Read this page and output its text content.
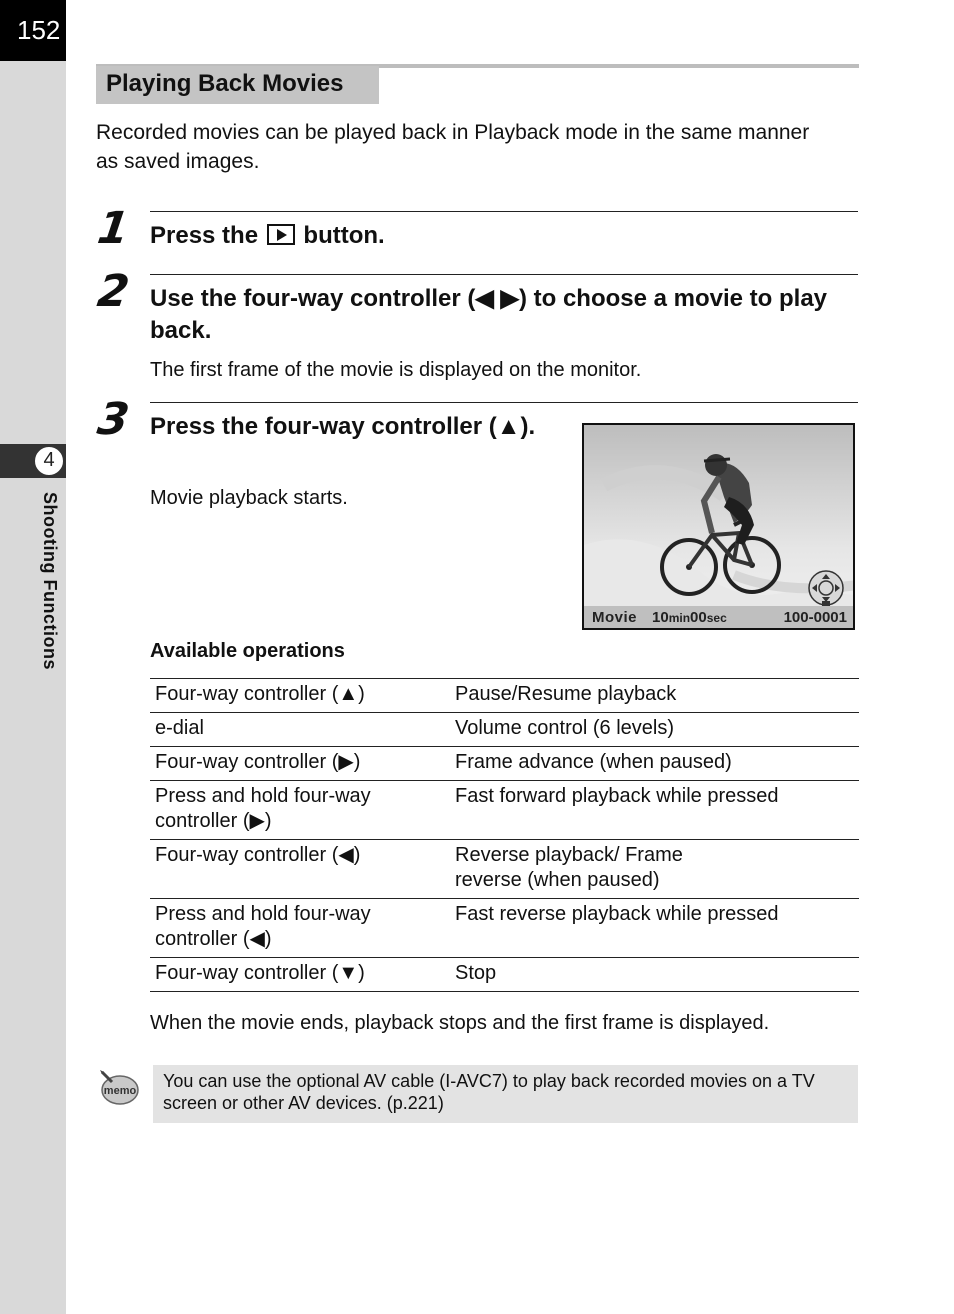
152
4
Shooting Functions
Playing Back Movies
Recorded movies can be played back in Playback mode in the same manner as saved images.
1 Press the button.
2 Use the four-way controller (◀ ▶) to choose a movie to play back.
The first frame of the movie is displayed on the monitor.
3 Press the four-way controller (▲).
Movie playback starts.
Movie 10min00sec	100-0001
Available operations
Four-way controller (▲)	Pause/Resume playback
e-dial	Volume control (6 levels)
Four-way controller (▶)	Frame advance (when paused)
Press and hold four-way controller (▶)	Fast forward playback while pressed
Four-way controller (◀)	Reverse playback/ Frame reverse (when paused)
Press and hold four-way controller (◀)	Fast reverse playback while pressed
Four-way controller (▼)	Stop
When the movie ends, playback stops and the first frame is displayed.
memo	You can use the optional AV cable (I-AVC7) to play back recorded movies on a TV screen or other AV devices. (p.221)
